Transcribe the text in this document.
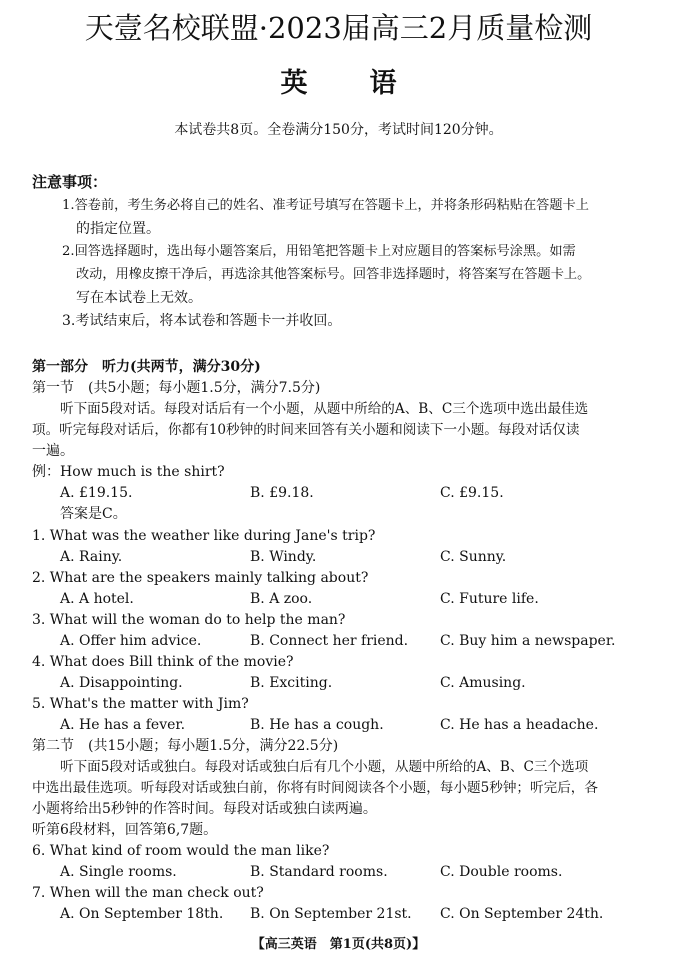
天壹名校联盟·2023届高三2月质量检测
英 语
本试卷共8页。全卷满分150分，考试时间120分钟。
注意事项：
1.答卷前，考生务必将自己的姓名、准考证号填写在答题卡上，并将条形码粘贴在答题卡上
的指定位置。
2.回答选择题时，选出每小题答案后，用铅笔把答题卡上对应题目的答案标号涂黑。如需
改动，用橡皮擦干净后，再选涂其他答案标号。回答非选择题时，将答案写在答题卡上。
写在本试卷上无效。
3.考试结束后，将本试卷和答题卡一并收回。
第一部分　听力(共两节，满分30分)
第一节　(共5小题；每小题1.5分，满分7.5分)
听下面5段对话。每段对话后有一个小题，从题中所给的A、B、C三个选项中选出最佳选
项。听完每段对话后，你都有10秒钟的时间来回答有关小题和阅读下一小题。每段对话仅读
一遍。
例：How much is the shirt?
A. £19.15.	B. £9.18.	C. £9.15.
答案是C。
1. What was the weather like during Jane's trip?
A. Rainy.	B. Windy.	C. Sunny.
2. What are the speakers mainly talking about?
A. A hotel.	B. A zoo.	C. Future life.
3. What will the woman do to help the man?
A. Offer him advice.	B. Connect her friend. C. Buy him a newspaper.
4. What does Bill think of the movie?
A. Disappointing.	B. Exciting.	C. Amusing.
5. What's the matter with Jim?
A. He has a fever.	B. He has a cough.	C. He has a headache.
第二节　(共15小题；每小题1.5分，满分22.5分)
听下面5段对话或独白。每段对话或独白后有几个小题，从题中所给的A、B、C三个选项
中选出最佳选项。听每段对话或独白前，你将有时间阅读各个小题，每小题5秒钟；听完后，各
小题将给出5秒钟的作答时间。每段对话或独白读两遍。
听第6段材料，回答第6,7题。
6. What kind of room would the man like?
A. Single rooms.	B. Standard rooms.	C. Double rooms.
7. When will the man check out?
A. On September 18th. B. On September 21st. C. On September 24th.
【高三英语　第1页(共8页)】
